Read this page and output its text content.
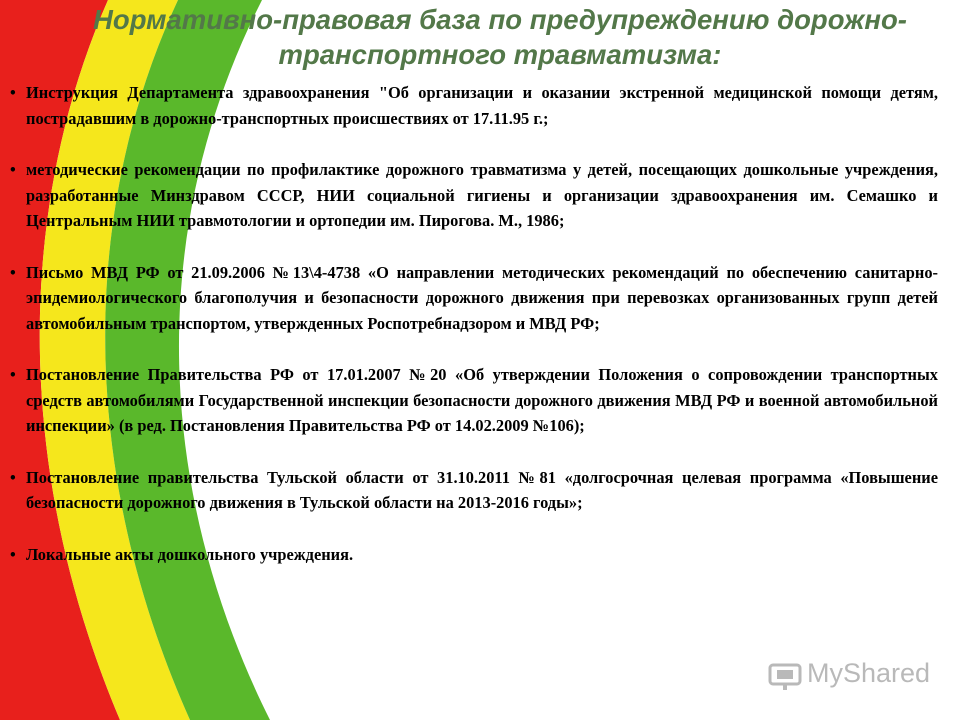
Нормативно-правовая база по предупреждению дорожно-транспортного травматизма:
• Инструкция Департамента здравоохранения "Об организации и оказании экстренной медицинской помощи детям, пострадавшим в дорожно-транспортных происшествиях от 17.11.95 г.;
• методические рекомендации по профилактике дорожного травматизма у детей, посещающих дошкольные учреждения, разработанные Минздравом СССР, НИИ социальной гигиены и организации здравоохранения им. Семашко и Центральным НИИ травмотологии и ортопедии им. Пирогова. М., 1986;
• Письмо МВД РФ от 21.09.2006 №13\4-4738 «О направлении методических рекомендаций по обеспечению санитарно-эпидемиологического благополучия и безопасности дорожного движения при перевозках организованных групп детей автомобильным транспортом, утвержденных Роспотребнадзором и МВД РФ;
• Постановление Правительства РФ от 17.01.2007 №20 «Об утверждении Положения о сопровождении транспортных средств автомобилями Государственной инспекции безопасности дорожного движения МВД РФ и военной автомобильной инспекции» (в ред. Постановления Правительства РФ от 14.02.2009 №106);
• Постановление правительства Тульской области от 31.10.2011 №81 «долгосрочная целевая программа «Повышение безопасности дорожного движения в Тульской области на 2013-2016 годы»;
• Локальные акты дошкольного учреждения.
MyShared
